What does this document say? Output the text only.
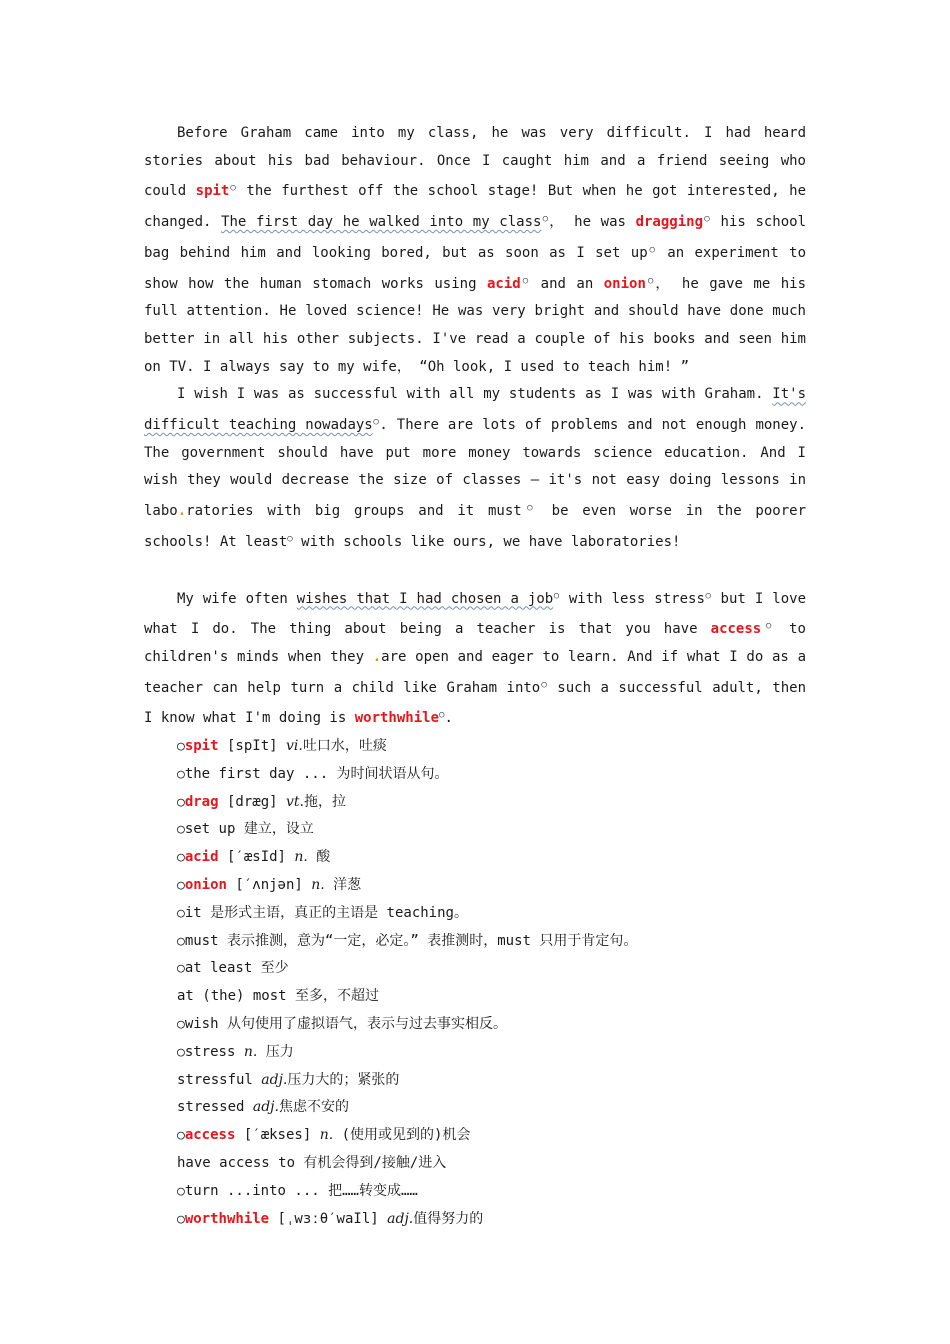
Before Graham came into my class, he was very difficult. I had heard stories about his bad behaviour. Once I caught him and a friend seeing who could spit○ the furthest off the school stage! But when he got interested, he changed. The first day he walked into my class○， he was dragging○ his school bag behind him and looking bored, but as soon as I set up○ an experiment to show how the human stomach works using acid○ and an onion○， he gave me his full attention. He loved science! He was very bright and should have done much better in all his other subjects. I've read a couple of his books and seen him on TV. I always say to my wife， “Oh look, I used to teach him! ”

I wish I was as successful with all my students as I was with Graham. It's difficult teaching nowadays○. There are lots of problems and not enough money. The government should have put more money towards science education. And I wish they would decrease the size of classes — it's not easy doing lessons in labo.ratories with big groups and it must○ be even worse in the poorer schools! At least○ with schools like ours, we have laboratories!

My wife often wishes that I had chosen a job○ with less stress○ but I love what I do. The thing about being a teacher is that you have access○ to children's minds when they .are open and eager to learn. And if what I do as a teacher can help turn a child like Graham into○ such a successful adult, then I know what I'm doing is worthwhile○.

○spit [spIt] vi.吐口水，吐痰
○the first day ... 为时间状语从句。
○drag [dræg] vt.拖，拉
○set up 建立，设立
○acid [′æsId] n. 酸
○onion [′ʌnjən] n. 洋葱
○it 是形式主语，真正的主语是 teaching。
○must 表示推测，意为“一定，必定。” 表推测时，must 只用于肯定句。
○at least 至少
at (the) most 至多，不超过
○wish 从句使用了虚拟语气，表示与过去事实相反。
○stress n. 压力
stressful adj.压力大的；紧张的
stressed adj.焦虑不安的
○access [′ækses] n. (使用或见到的)机会
have access to 有机会得到/接触/进入
○turn ...into ... 把……转变成……
○worthwhile [ˌwɜːθ′waIl] adj.值得努力的
